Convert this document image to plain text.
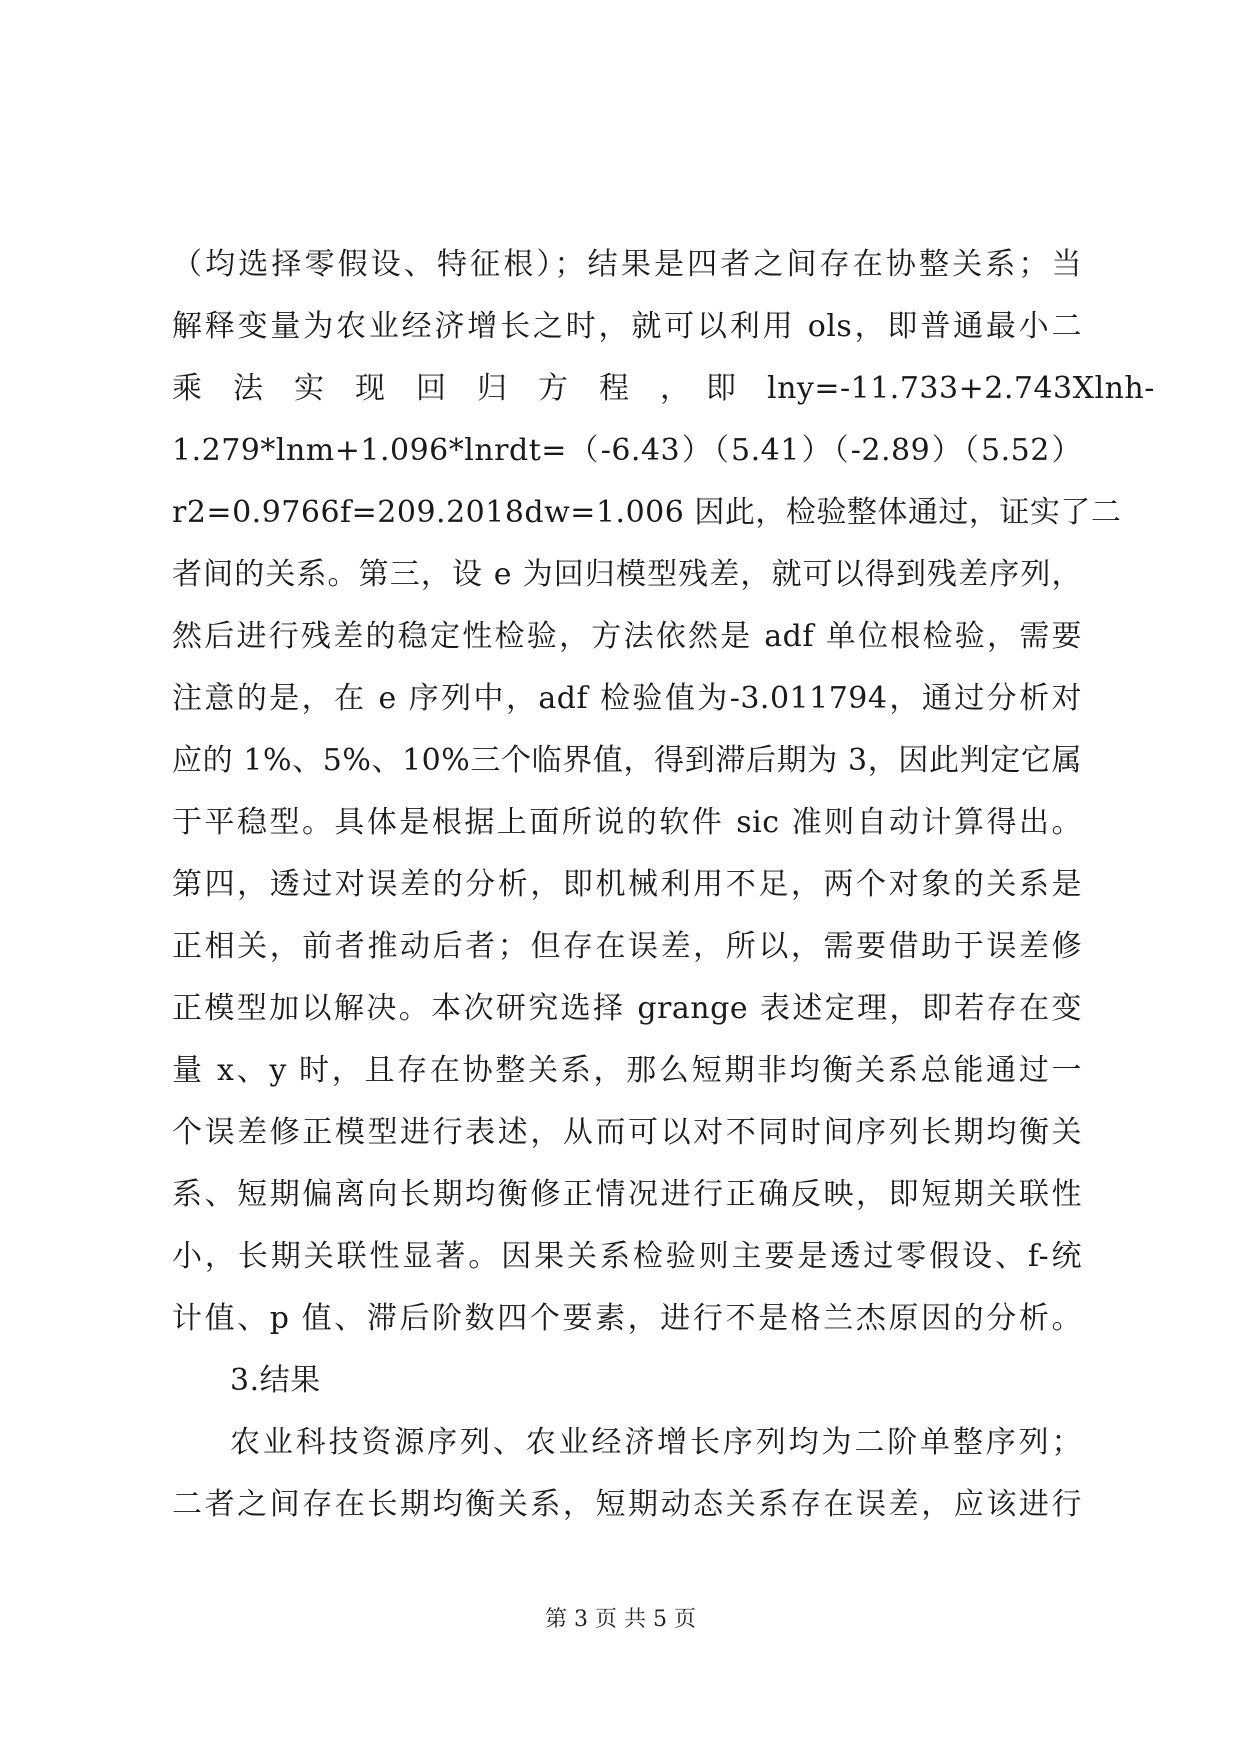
（均选择零假设、特征根）；结果是四者之间存在协整关系；当
解释变量为农业经济增长之时，就可以利用 ols，即普通最小二
乘　法　实　现　回　归　方　程　，　即　lny=-11.733+2.743Xlnh-
1.279*lnm+1.096*lnrdt=（-6.43）（5.41）（-2.89）（5.52）
r2=0.9766f=209.2018dw=1.006 因此，检验整体通过，证实了二
者间的关系。第三，设 e 为回归模型残差，就可以得到残差序列，
然后进行残差的稳定性检验，方法依然是 adf 单位根检验，需要
注意的是，在 e 序列中，adf 检验值为-3.011794，通过分析对
应的 1%、5%、10%三个临界值，得到滞后期为 3，因此判定它属
于平稳型。具体是根据上面所说的软件 sic 准则自动计算得出。
第四，透过对误差的分析，即机械利用不足，两个对象的关系是
正相关，前者推动后者；但存在误差，所以，需要借助于误差修
正模型加以解决。本次研究选择 grange 表述定理，即若存在变
量 x、y 时，且存在协整关系，那么短期非均衡关系总能通过一
个误差修正模型进行表述，从而可以对不同时间序列长期均衡关
系、短期偏离向长期均衡修正情况进行正确反映，即短期关联性
小，长期关联性显著。因果关系检验则主要是透过零假设、f-统
计值、p 值、滞后阶数四个要素，进行不是格兰杰原因的分析。
3.结果
农业科技资源序列、农业经济增长序列均为二阶单整序列；
二者之间存在长期均衡关系，短期动态关系存在误差，应该进行
第 3 页 共 5 页
